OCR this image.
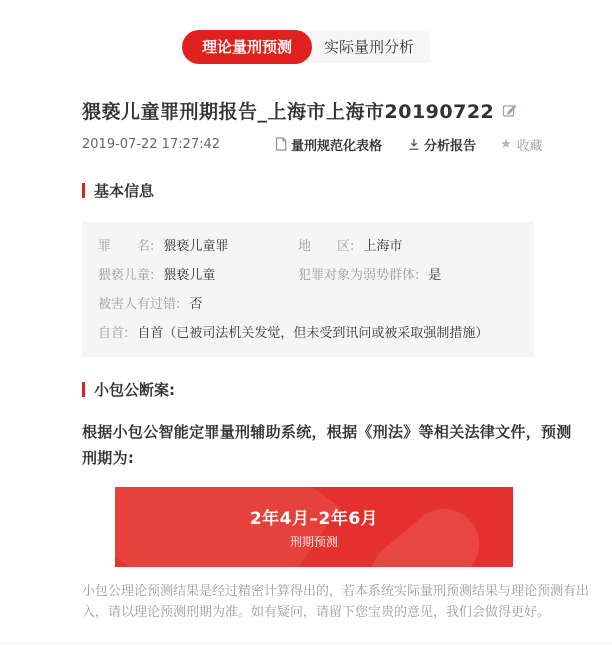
理论量刑预测	实际量刑分析
猥亵儿童罪刑期报告_上海市上海市20190722
2019-07-22 17:27:42	量刑规范化表格	分析报告 ★ 收藏
基本信息
罪　　名: 猥亵儿童罪	地　　区: 上海市
猥亵儿童: 猥亵儿童	犯罪对象为弱势群体: 是
被害人有过错: 否
自首: 自首（已被司法机关发觉，但未受到讯问或被采取强制措施）
小包公断案:
根据小包公智能定罪量刑辅助系统，根据《刑法》等相关法律文件，预测刑期为:
2年4月–2年6月
刑期预测
小包公理论预测结果是经过精密计算得出的，若本系统实际量刑预测结果与理论预测有出入，请以理论预测刑期为准。如有疑问，请留下您宝贵的意见，我们会做得更好。
